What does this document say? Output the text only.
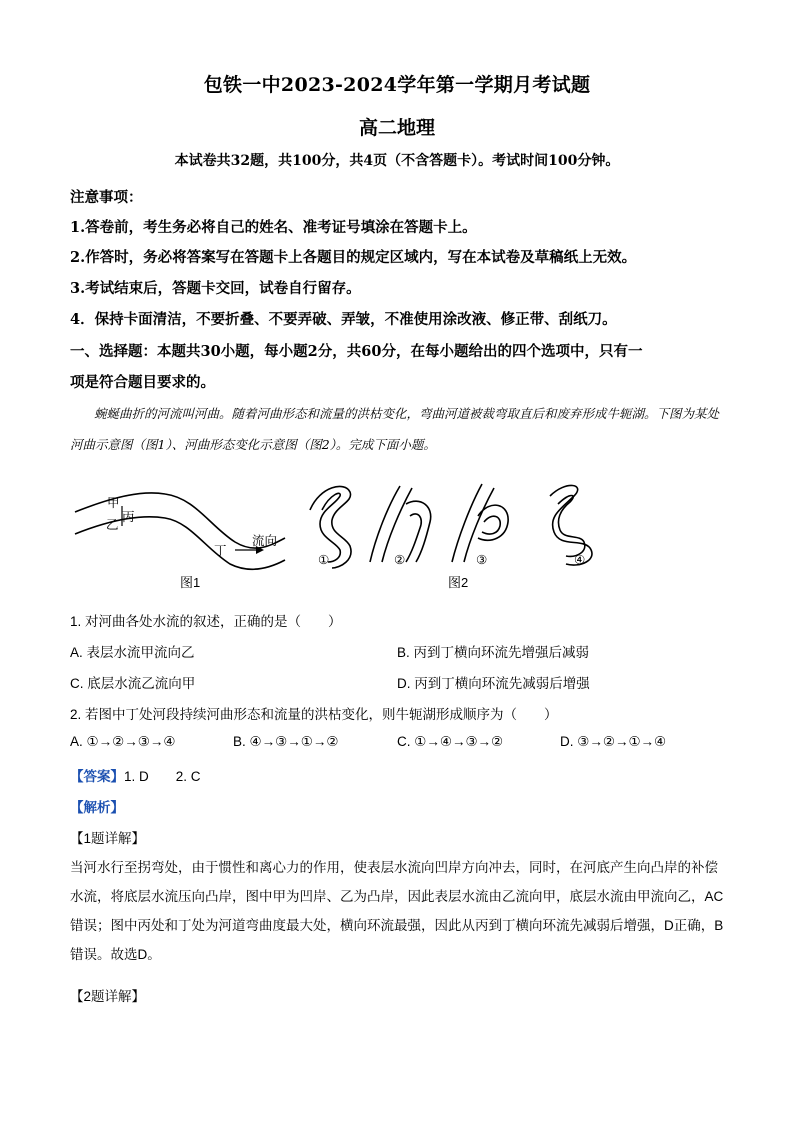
包铁一中2023-2024学年第一学期月考试题
高二地理
本试卷共32题，共100分，共4页（不含答题卡）。考试时间100分钟。
注意事项：
1.答卷前，考生务必将自己的姓名、准考证号填涂在答题卡上。
2.作答时，务必将答案写在答题卡上各题目的规定区域内，写在本试卷及草稿纸上无效。
3.考试结束后，答题卡交回，试卷自行留存。
4．保持卡面清洁，不要折叠、不要弄破、弄皱，不准使用涂改液、修正带、刮纸刀。
一、选择题：本题共30小题，每小题2分，共60分，在每小题给出的四个选项中，只有一
项是符合题目要求的。
蜿蜒曲折的河流叫河曲。随着河曲形态和流量的洪枯变化，弯曲河道被裁弯取直后和废弃形成牛轭湖。下图为某处河曲示意图（图1）、河曲形态变化示意图（图2）。完成下面小题。
甲
丙
乙
丁
流向
①	②	③	④
图1	图2
1. 对河曲各处水流的叙述，正确的是（　　）
A. 表层水流甲流向乙	B. 丙到丁横向环流先增强后减弱
C. 底层水流乙流向甲	D. 丙到丁横向环流先减弱后增强
2. 若图中丁处河段持续河曲形态和流量的洪枯变化，则牛轭湖形成顺序为（　　）
A. ①→②→③→④	B. ④→③→①→②	C. ①→④→③→②	D. ③→②→①→④
【答案】1. D　　2. C
【解析】
【1题详解】
当河水行至拐弯处，由于惯性和离心力的作用，使表层水流向凹岸方向冲去，同时，在河底产生向凸岸的补偿水流，将底层水流压向凸岸，图中甲为凹岸、乙为凸岸，因此表层水流由乙流向甲，底层水流由甲流向乙，AC错误；图中丙处和丁处为河道弯曲度最大处，横向环流最强，因此从丙到丁横向环流先减弱后增强，D正确，B错误。故选D。
【2题详解】
